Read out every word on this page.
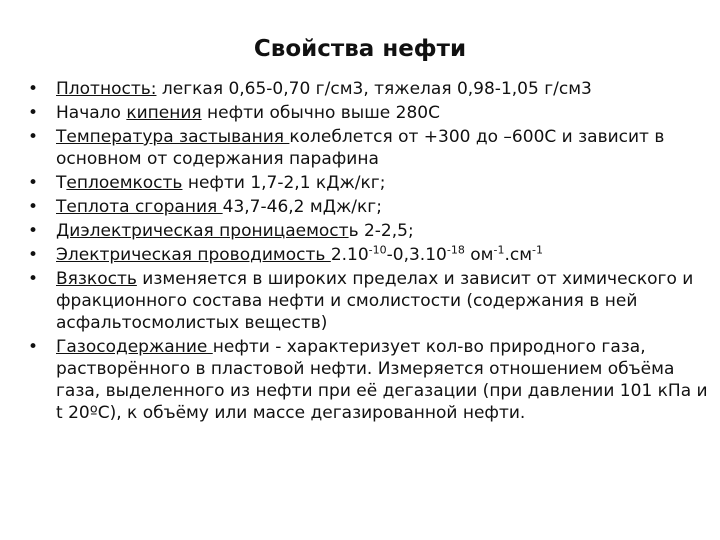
Свойства нефти
• Плотность: легкая 0,65-0,70 г/см3, тяжелая 0,98-1,05 г/см3
• Начало кипения нефти обычно выше 280С
• Температура застывания колеблется от +300 до –600С и зависит в основном от содержания парафина
• Теплоемкость нефти 1,7-2,1 кДж/кг;
• Теплота сгорания 43,7-46,2 мДж/кг;
• Диэлектрическая проницаемость 2-2,5;
• Электрическая проводимость $2.10^{-10}-0,3.10^{-18}$ $ом^{-1}.см^{-1}$
• Вязкость изменяется в широких пределах и зависит от химического и фракционного состава нефти и смолистости (содержания в ней асфальтосмолистых веществ)
• Газосодержание нефти - характеризует кол-во природного газа, растворённого в пластовой нефти. Измеряется отношением объёма газа, выделенного из нефти при её дегазации (при давлении 101 кПа и t 20ºС), к объёму или массе дегазированной нефти.
